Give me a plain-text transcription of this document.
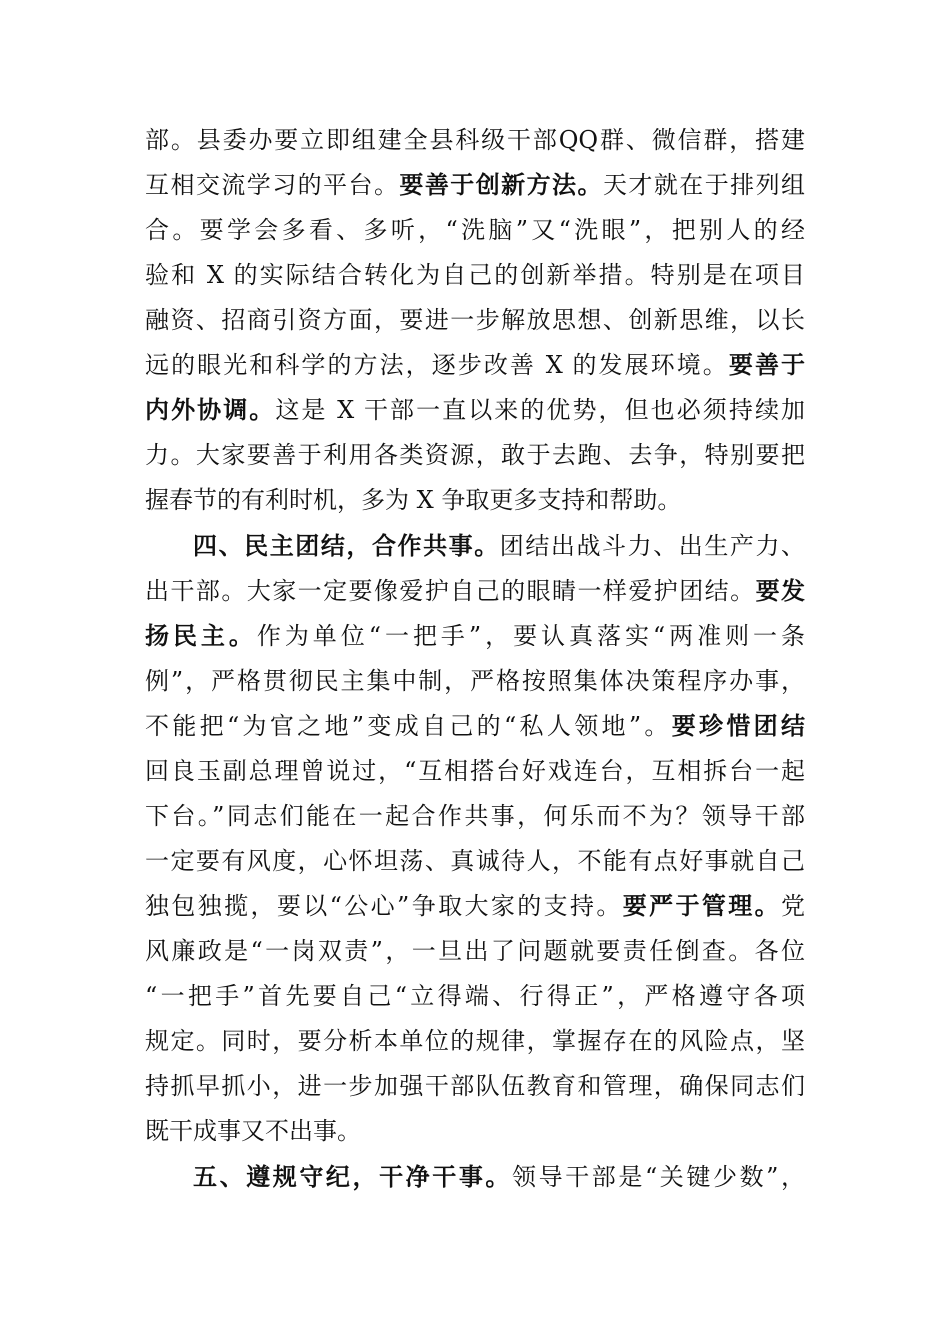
部。县委办要立即组建全县科级干部QQ群、微信群，搭建
互相交流学习的平台。要善于创新方法。天才就在于排列组
合。要学会多看、多听，“洗脑”又“洗眼”，把别人的经
验和 X 的实际结合转化为自己的创新举措。特别是在项目
融资、招商引资方面，要进一步解放思想、创新思维，以长
远的眼光和科学的方法，逐步改善 X 的发展环境。要善于
内外协调。这是 X 干部一直以来的优势，但也必须持续加
力。大家要善于利用各类资源，敢于去跑、去争，特别要把
握春节的有利时机，多为 X 争取更多支持和帮助。
四、民主团结，合作共事。团结出战斗力、出生产力、
出干部。大家一定要像爱护自己的眼睛一样爱护团结。要发
扬民主。作为单位“一把手”，要认真落实“两准则一条
例”，严格贯彻民主集中制，严格按照集体决策程序办事，
不能把“为官之地”变成自己的“私人领地”。要珍惜团结
回良玉副总理曾说过，“互相搭台好戏连台，互相拆台一起
下台。”同志们能在一起合作共事，何乐而不为？领导干部
一定要有风度，心怀坦荡、真诚待人，不能有点好事就自己
独包独揽，要以“公心”争取大家的支持。要严于管理。党
风廉政是“一岗双责”，一旦出了问题就要责任倒查。各位
“一把手”首先要自己“立得端、行得正”，严格遵守各项
规定。同时，要分析本单位的规律，掌握存在的风险点，坚
持抓早抓小，进一步加强干部队伍教育和管理，确保同志们
既干成事又不出事。
五、遵规守纪，干净干事。领导干部是“关键少数”，
